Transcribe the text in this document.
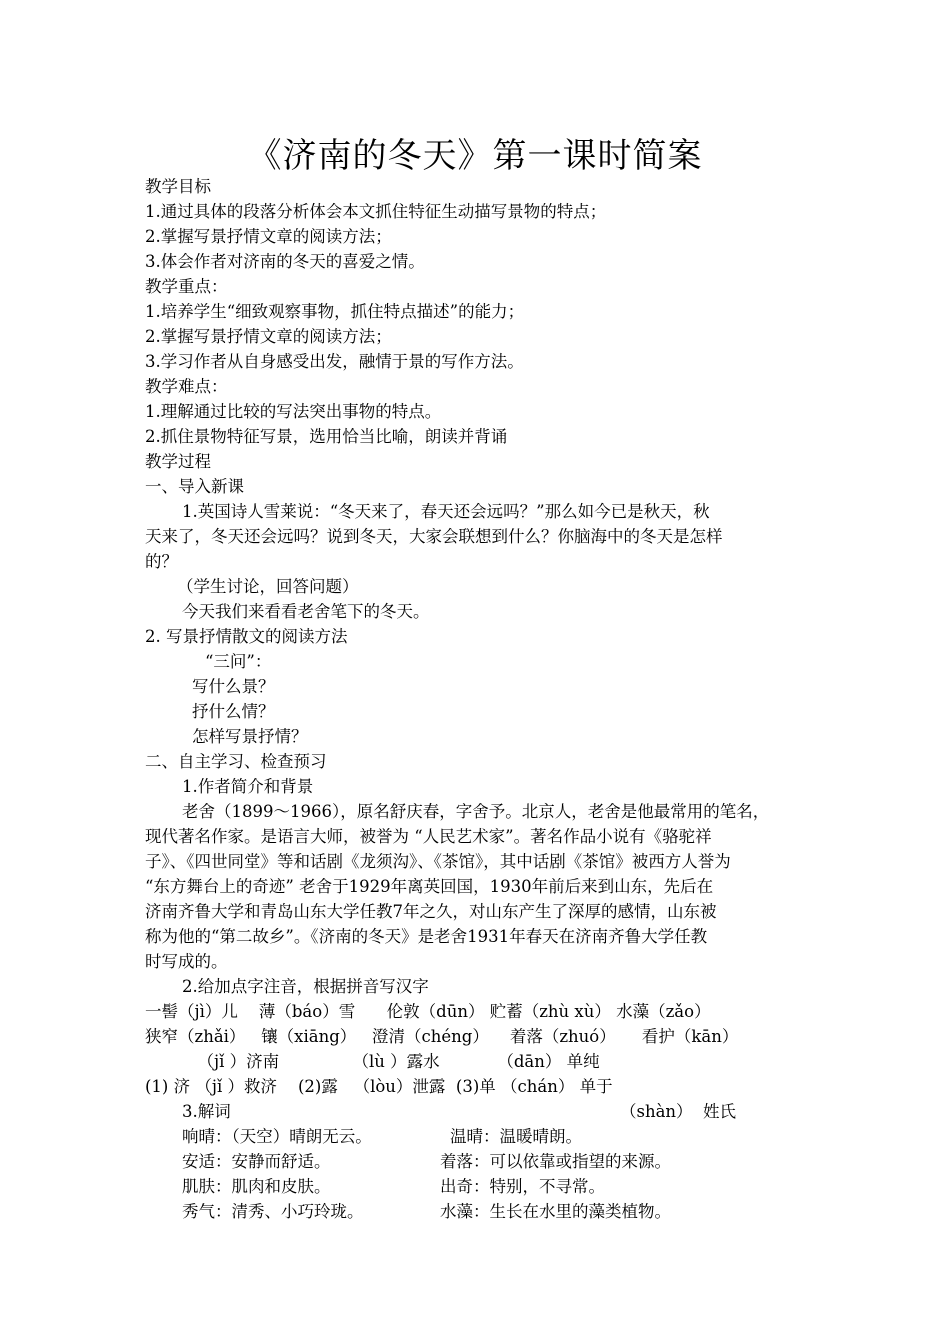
《济南的冬天》第一课时简案
教学目标
1.通过具体的段落分析体会本文抓住特征生动描写景物的特点；
2.掌握写景抒情文章的阅读方法；
3.体会作者对济南的冬天的喜爱之情。
教学重点：
1.培养学生“细致观察事物，抓住特点描述”的能力；
2.掌握写景抒情文章的阅读方法；
3.学习作者从自身感受出发，融情于景的写作方法。
教学难点：
1.理解通过比较的写法突出事物的特点。
2.抓住景物特征写景，选用恰当比喻，朗读并背诵
教学过程
一、导入新课
1.英国诗人雪莱说：“冬天来了，春天还会远吗？”那么如今已是秋天，秋
天来了，冬天还会远吗？说到冬天，大家会联想到什么？你脑海中的冬天是怎样
的？
（学生讨论，回答问题）
今天我们来看看老舍笔下的冬天。
2. 写景抒情散文的阅读方法
“三问”：
写什么景？
抒什么情？
怎样写景抒情？
二、自主学习、检查预习
1.作者简介和背景
老舍（1899～1966），原名舒庆春，字舍予。北京人，老舍是他最常用的笔名，
现代著名作家。是语言大师，被誉为 “人民艺术家”。著名作品小说有《骆驼祥
子》、《四世同堂》等和话剧《龙须沟》、《茶馆》，其中话剧《茶馆》被西方人誉为
“东方舞台上的奇迹” 老舍于1929年离英回国，1930年前后来到山东，先后在
济南齐鲁大学和青岛山东大学任教7年之久，对山东产生了深厚的感情，山东被
称为他的“第二故乡”。《济南的冬天》是老舍1931年春天在济南齐鲁大学任教
时写成的。
2.给加点字注音，根据拼音写汉字
一髻（jì）儿    薄（báo）雪      伦敦（dūn） 贮蓄（zhù xù） 水藻（zǎo）
狭窄（zhǎi）   镶（xiāng）   澄清（chéng）    着落（zhuó）     看护（kān）
（jǐ ）济南              （lù ）露水           （dān） 单纯
(1) 济 （jǐ ）救济    (2)露   （lòu）泄露  (3)单 （chán） 单于
3.解词	（shàn）  姓氏
响晴：（天空）晴朗无云。
安适：安静而舒适。
肌肤：肌肉和皮肤。
秀气：清秀、小巧玲珑。
温晴：温暖晴朗。
着落：可以依靠或指望的来源。
出奇：特别，不寻常。
水藻：生长在水里的藻类植物。
